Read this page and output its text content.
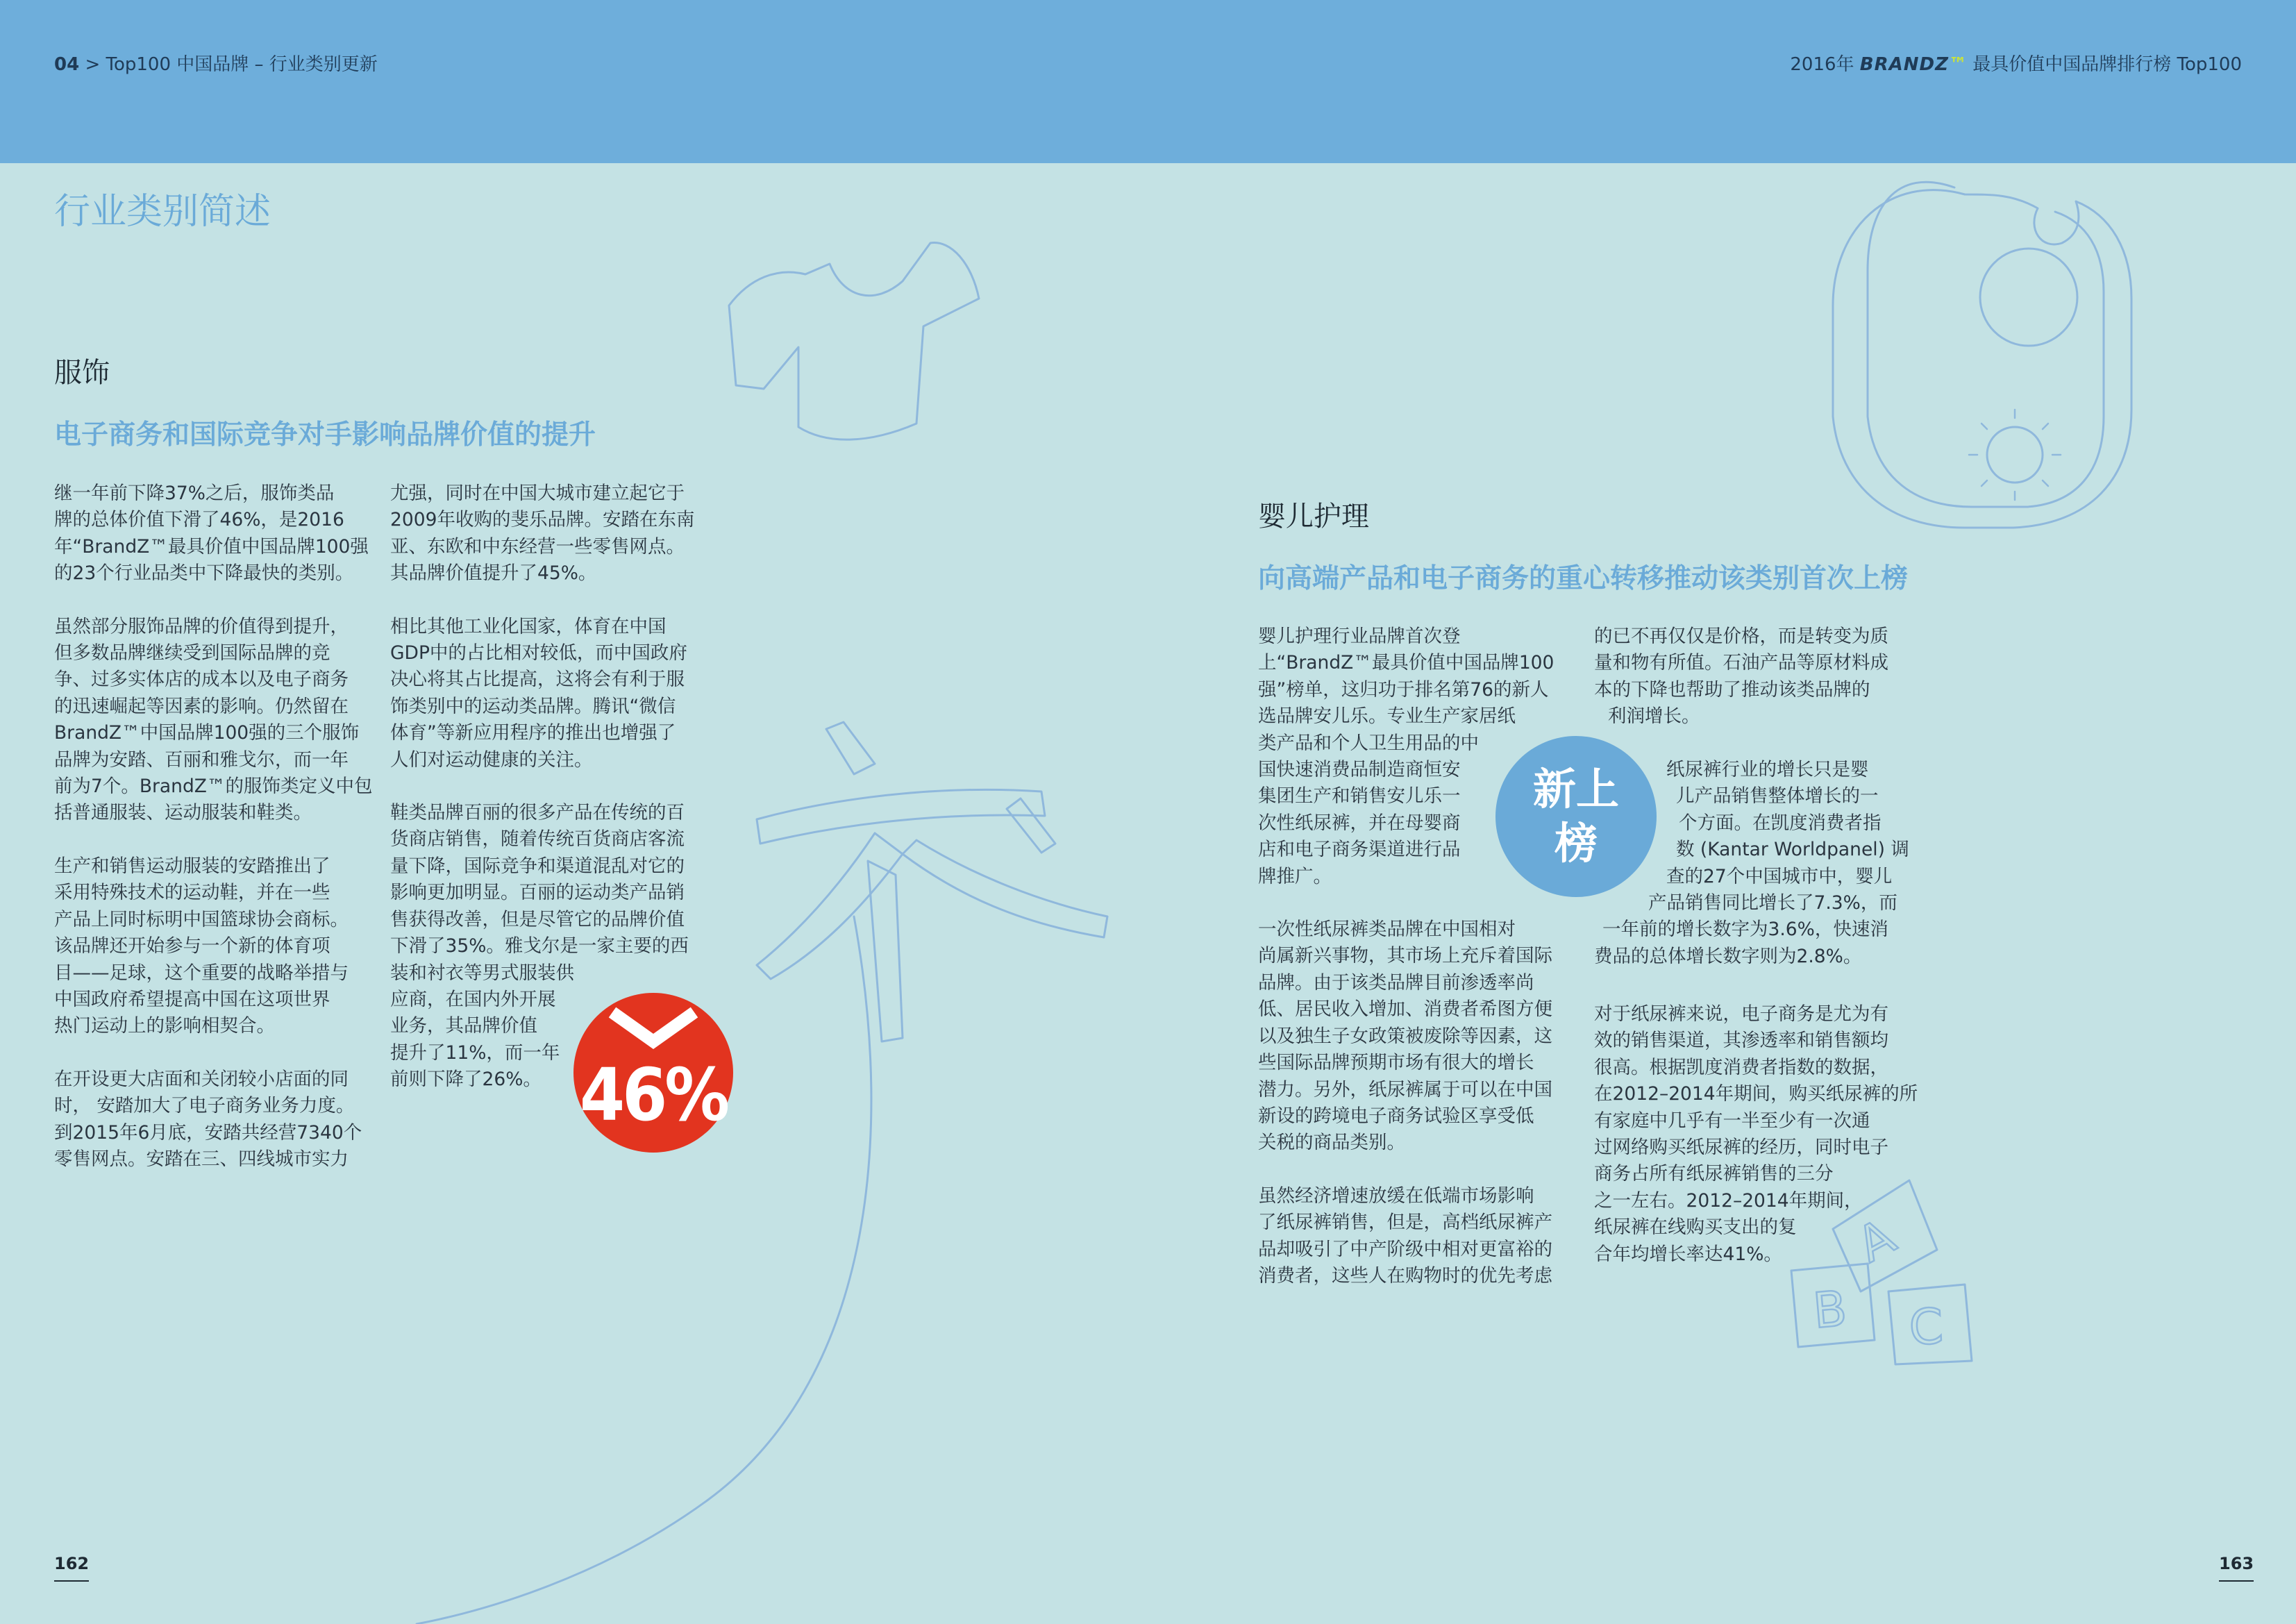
04 > Top100 中国品牌 – 行业类别更新	2016年 BRANDZ™ 最具价值中国品牌排行榜 Top100
A
B C
行业类别简述
服饰
电子商务和国际竞争对手影响品牌价值的提升

继一年前下降37%之后，服饰类品
牌的总体价值下滑了46%，是2016
年“BrandZ™最具价值中国品牌100强
的23个行业品类中下降最快的类别。

虽然部分服饰品牌的价值得到提升，
但多数品牌继续受到国际品牌的竞
争、过多实体店的成本以及电子商务
的迅速崛起等因素的影响。仍然留在
BrandZ™中国品牌100强的三个服饰
品牌为安踏、百丽和雅戈尔，而一年
前为7个。BrandZ™的服饰类定义中包
括普通服装、运动服装和鞋类。

生产和销售运动服装的安踏推出了
采用特殊技术的运动鞋，并在一些
产品上同时标明中国篮球协会商标。
该品牌还开始参与一个新的体育项
目——足球，这个重要的战略举措与
中国政府希望提高中国在这项世界
热门运动上的影响相契合。

在开设更大店面和关闭较小店面的同
时， 安踏加大了电子商务业务力度。
到2015年6月底，安踏共经营7340个
零售网点。安踏在三、四线城市实力

尤强，同时在中国大城市建立起它于
2009年收购的斐乐品牌。安踏在东南
亚、东欧和中东经营一些零售网点。
其品牌价值提升了45%。

相比其他工业化国家，体育在中国
GDP中的占比相对较低，而中国政府
决心将其占比提高，这将会有利于服
饰类别中的运动类品牌。腾讯“微信
体育”等新应用程序的推出也增强了
人们对运动健康的关注。

鞋类品牌百丽的很多产品在传统的百
货商店销售，随着传统百货商店客流
量下降，国际竞争和渠道混乱对它的
影响更加明显。百丽的运动类产品销
售获得改善，但是尽管它的品牌价值
下滑了35%。雅戈尔是一家主要的西
装和衬衣等男式服装供
应商，在国内外开展
业务，其品牌价值
提升了11%，而一年
前则下降了26%。 46%
婴儿护理
向高端产品和电子商务的重心转移推动该类别首次上榜

婴儿护理行业品牌首次登
上“BrandZ™最具价值中国品牌100
强”榜单，这归功于排名第76的新人
选品牌安儿乐。专业生产家居纸
类产品和个人卫生用品的中
国快速消费品制造商恒安
集团生产和销售安儿乐一
次性纸尿裤，并在母婴商
店和电子商务渠道进行品
牌推广。

一次性纸尿裤类品牌在中国相对
尚属新兴事物，其市场上充斥着国际
品牌。由于该类品牌目前渗透率尚
低、居民收入增加、消费者希图方便
以及独生子女政策被废除等因素，这
些国际品牌预期市场有很大的增长
潜力。另外，纸尿裤属于可以在中国
新设的跨境电子商务试验区享受低
关税的商品类别。

虽然经济增速放缓在低端市场影响
了纸尿裤销售，但是，高档纸尿裤产
品却吸引了中产阶级中相对更富裕的
消费者，这些人在购物时的优先考虑

的已不再仅仅是价格，而是转变为质
量和物有所值。石油产品等原材料成
本的下降也帮助了推动该类品牌的
利润增长。
纸尿裤行业的增长只是婴
儿产品销售整体增长的一
个方面。在凯度消费者指
数 (Kantar Worldpanel) 调
查的27个中国城市中，婴儿
产品销售同比增长了7.3%，而
一年前的增长数字为3.6%，快速消
费品的总体增长数字则为2.8%。
对于纸尿裤来说，电子商务是尤为有
效的销售渠道，其渗透率和销售额均
很高。根据凯度消费者指数的数据，
在2012–2014年期间，购买纸尿裤的所
有家庭中几乎有一半至少有一次通
过网络购买纸尿裤的经历，同时电子
商务占所有纸尿裤销售的三分
之一左右。2012–2014年期间，
纸尿裤在线购买支出的复
合年均增长率达41%。
新上
榜
162	163
